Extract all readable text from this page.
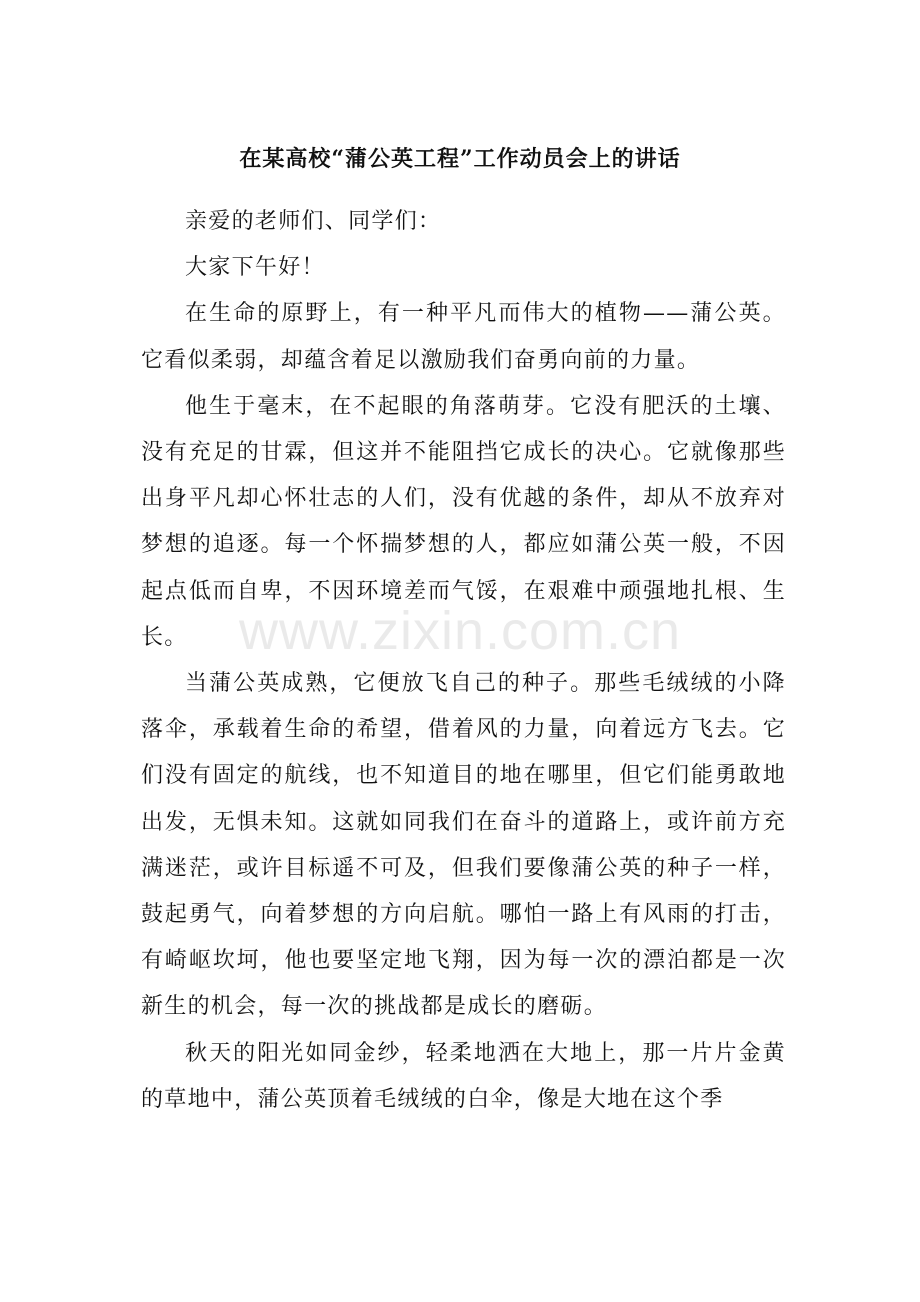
在某高校“蒲公英工程”工作动员会上的讲话

亲爱的老师们、同学们：

大家下午好！

在生命的原野上，有一种平凡而伟大的植物——蒲公英。它看似柔弱，却蕴含着足以激励我们奋勇向前的力量。

他生于毫末，在不起眼的角落萌芽。它没有肥沃的土壤、没有充足的甘霖，但这并不能阻挡它成长的决心。它就像那些出身平凡却心怀壮志的人们，没有优越的条件，却从不放弃对梦想的追逐。每一个怀揣梦想的人，都应如蒲公英一般，不因起点低而自卑，不因环境差而气馁，在艰难中顽强地扎根、生长。

当蒲公英成熟，它便放飞自己的种子。那些毛绒绒的小降落伞，承载着生命的希望，借着风的力量，向着远方飞去。它们没有固定的航线，也不知道目的地在哪里，但它们能勇敢地出发，无惧未知。这就如同我们在奋斗的道路上，或许前方充满迷茫，或许目标遥不可及，但我们要像蒲公英的种子一样，鼓起勇气，向着梦想的方向启航。哪怕一路上有风雨的打击，有崎岖坎坷，他也要坚定地飞翔，因为每一次的漂泊都是一次新生的机会，每一次的挑战都是成长的磨砺。

秋天的阳光如同金纱，轻柔地洒在大地上，那一片片金黄的草地中，蒲公英顶着毛绒绒的白伞，像是大地在这个季

www.zixin.com.cn
